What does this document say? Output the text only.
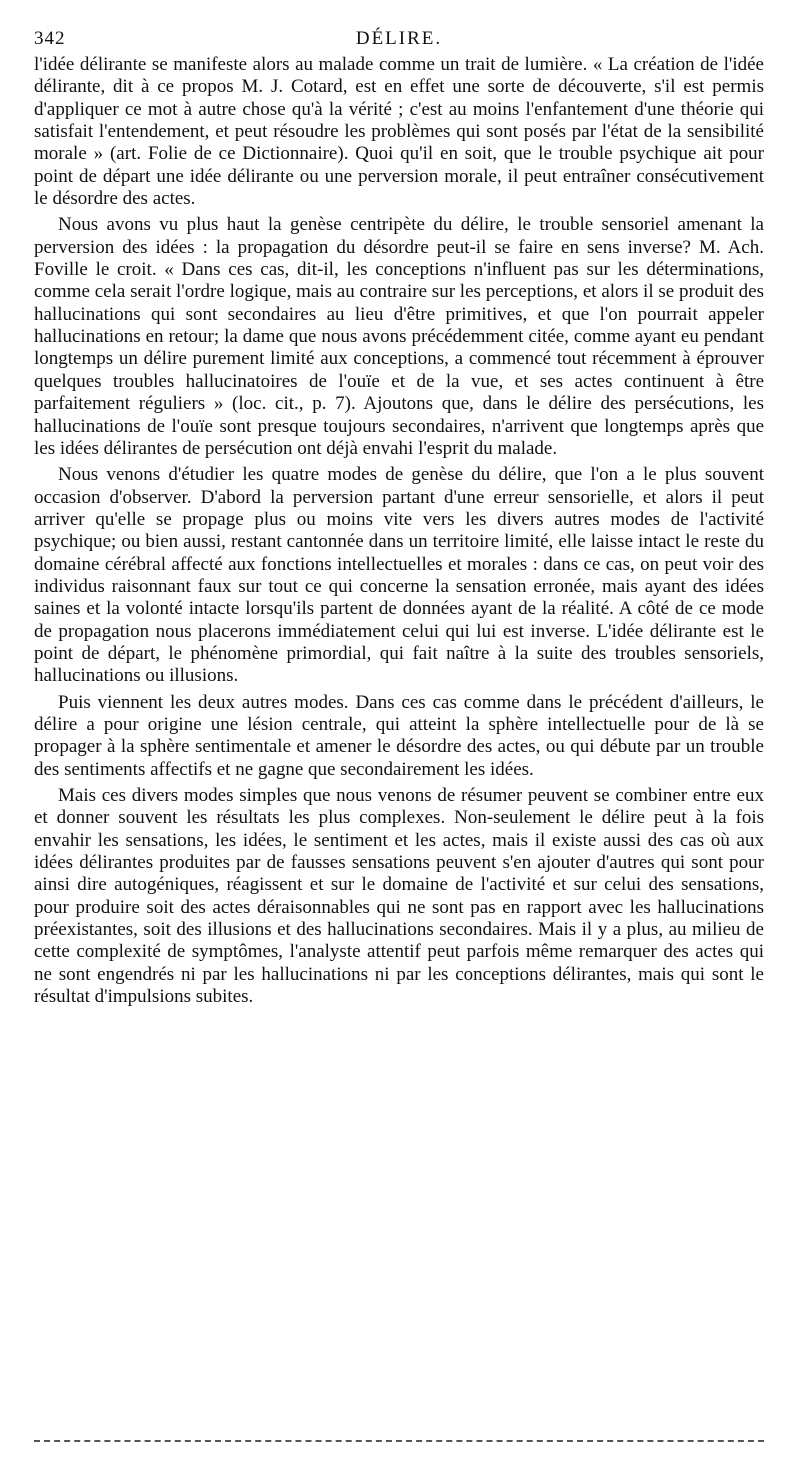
342	DÉLIRE.

l'idée délirante se manifeste alors au malade comme un trait de lumière. « La création de l'idée délirante, dit à ce propos M. J. Cotard, est en effet une sorte de découverte, s'il est permis d'appliquer ce mot à autre chose qu'à la vérité ; c'est au moins l'enfantement d'une théorie qui satisfait l'entendement, et peut résoudre les problèmes qui sont posés par l'état de la sensibilité morale » (art. Folie de ce Dictionnaire). Quoi qu'il en soit, que le trouble psychique ait pour point de départ une idée délirante ou une perversion morale, il peut entraîner consécutivement le désordre des actes.

Nous avons vu plus haut la genèse centripète du délire, le trouble sensoriel amenant la perversion des idées : la propagation du désordre peut-il se faire en sens inverse? M. Ach. Foville le croit. « Dans ces cas, dit-il, les conceptions n'influent pas sur les déterminations, comme cela serait l'ordre logique, mais au contraire sur les perceptions, et alors il se produit des hallucinations qui sont secondaires au lieu d'être primitives, et que l'on pourrait appeler hallucinations en retour; la dame que nous avons précédemment citée, comme ayant eu pendant longtemps un délire purement limité aux conceptions, a commencé tout récemment à éprouver quelques troubles hallucinatoires de l'ouïe et de la vue, et ses actes continuent à être parfaitement réguliers » (loc. cit., p. 7). Ajoutons que, dans le délire des persécutions, les hallucinations de l'ouïe sont presque toujours secondaires, n'arrivent que longtemps après que les idées délirantes de persécution ont déjà envahi l'esprit du malade.

Nous venons d'étudier les quatre modes de genèse du délire, que l'on a le plus souvent occasion d'observer. D'abord la perversion partant d'une erreur sensorielle, et alors il peut arriver qu'elle se propage plus ou moins vite vers les divers autres modes de l'activité psychique; ou bien aussi, restant cantonnée dans un territoire limité, elle laisse intact le reste du domaine cérébral affecté aux fonctions intellectuelles et morales : dans ce cas, on peut voir des individus raisonnant faux sur tout ce qui concerne la sensation erronée, mais ayant des idées saines et la volonté intacte lorsqu'ils partent de données ayant de la réalité. A côté de ce mode de propagation nous placerons immédiatement celui qui lui est inverse. L'idée délirante est le point de départ, le phénomène primordial, qui fait naître à la suite des troubles sensoriels, hallucinations ou illusions.

Puis viennent les deux autres modes. Dans ces cas comme dans le précédent d'ailleurs, le délire a pour origine une lésion centrale, qui atteint la sphère intellectuelle pour de là se propager à la sphère sentimentale et amener le désordre des actes, ou qui débute par un trouble des sentiments affectifs et ne gagne que secondairement les idées.

Mais ces divers modes simples que nous venons de résumer peuvent se combiner entre eux et donner souvent les résultats les plus complexes. Non-seulement le délire peut à la fois envahir les sensations, les idées, le sentiment et les actes, mais il existe aussi des cas où aux idées délirantes produites par de fausses sensations peuvent s'en ajouter d'autres qui sont pour ainsi dire autogéniques, réagissent et sur le domaine de l'activité et sur celui des sensations, pour produire soit des actes déraisonnables qui ne sont pas en rapport avec les hallucinations préexistantes, soit des illusions et des hallucinations secondaires. Mais il y a plus, au milieu de cette complexité de symptômes, l'analyste attentif peut parfois même remarquer des actes qui ne sont engendrés ni par les hallucinations ni par les conceptions délirantes, mais qui sont le résultat d'impulsions subites.
